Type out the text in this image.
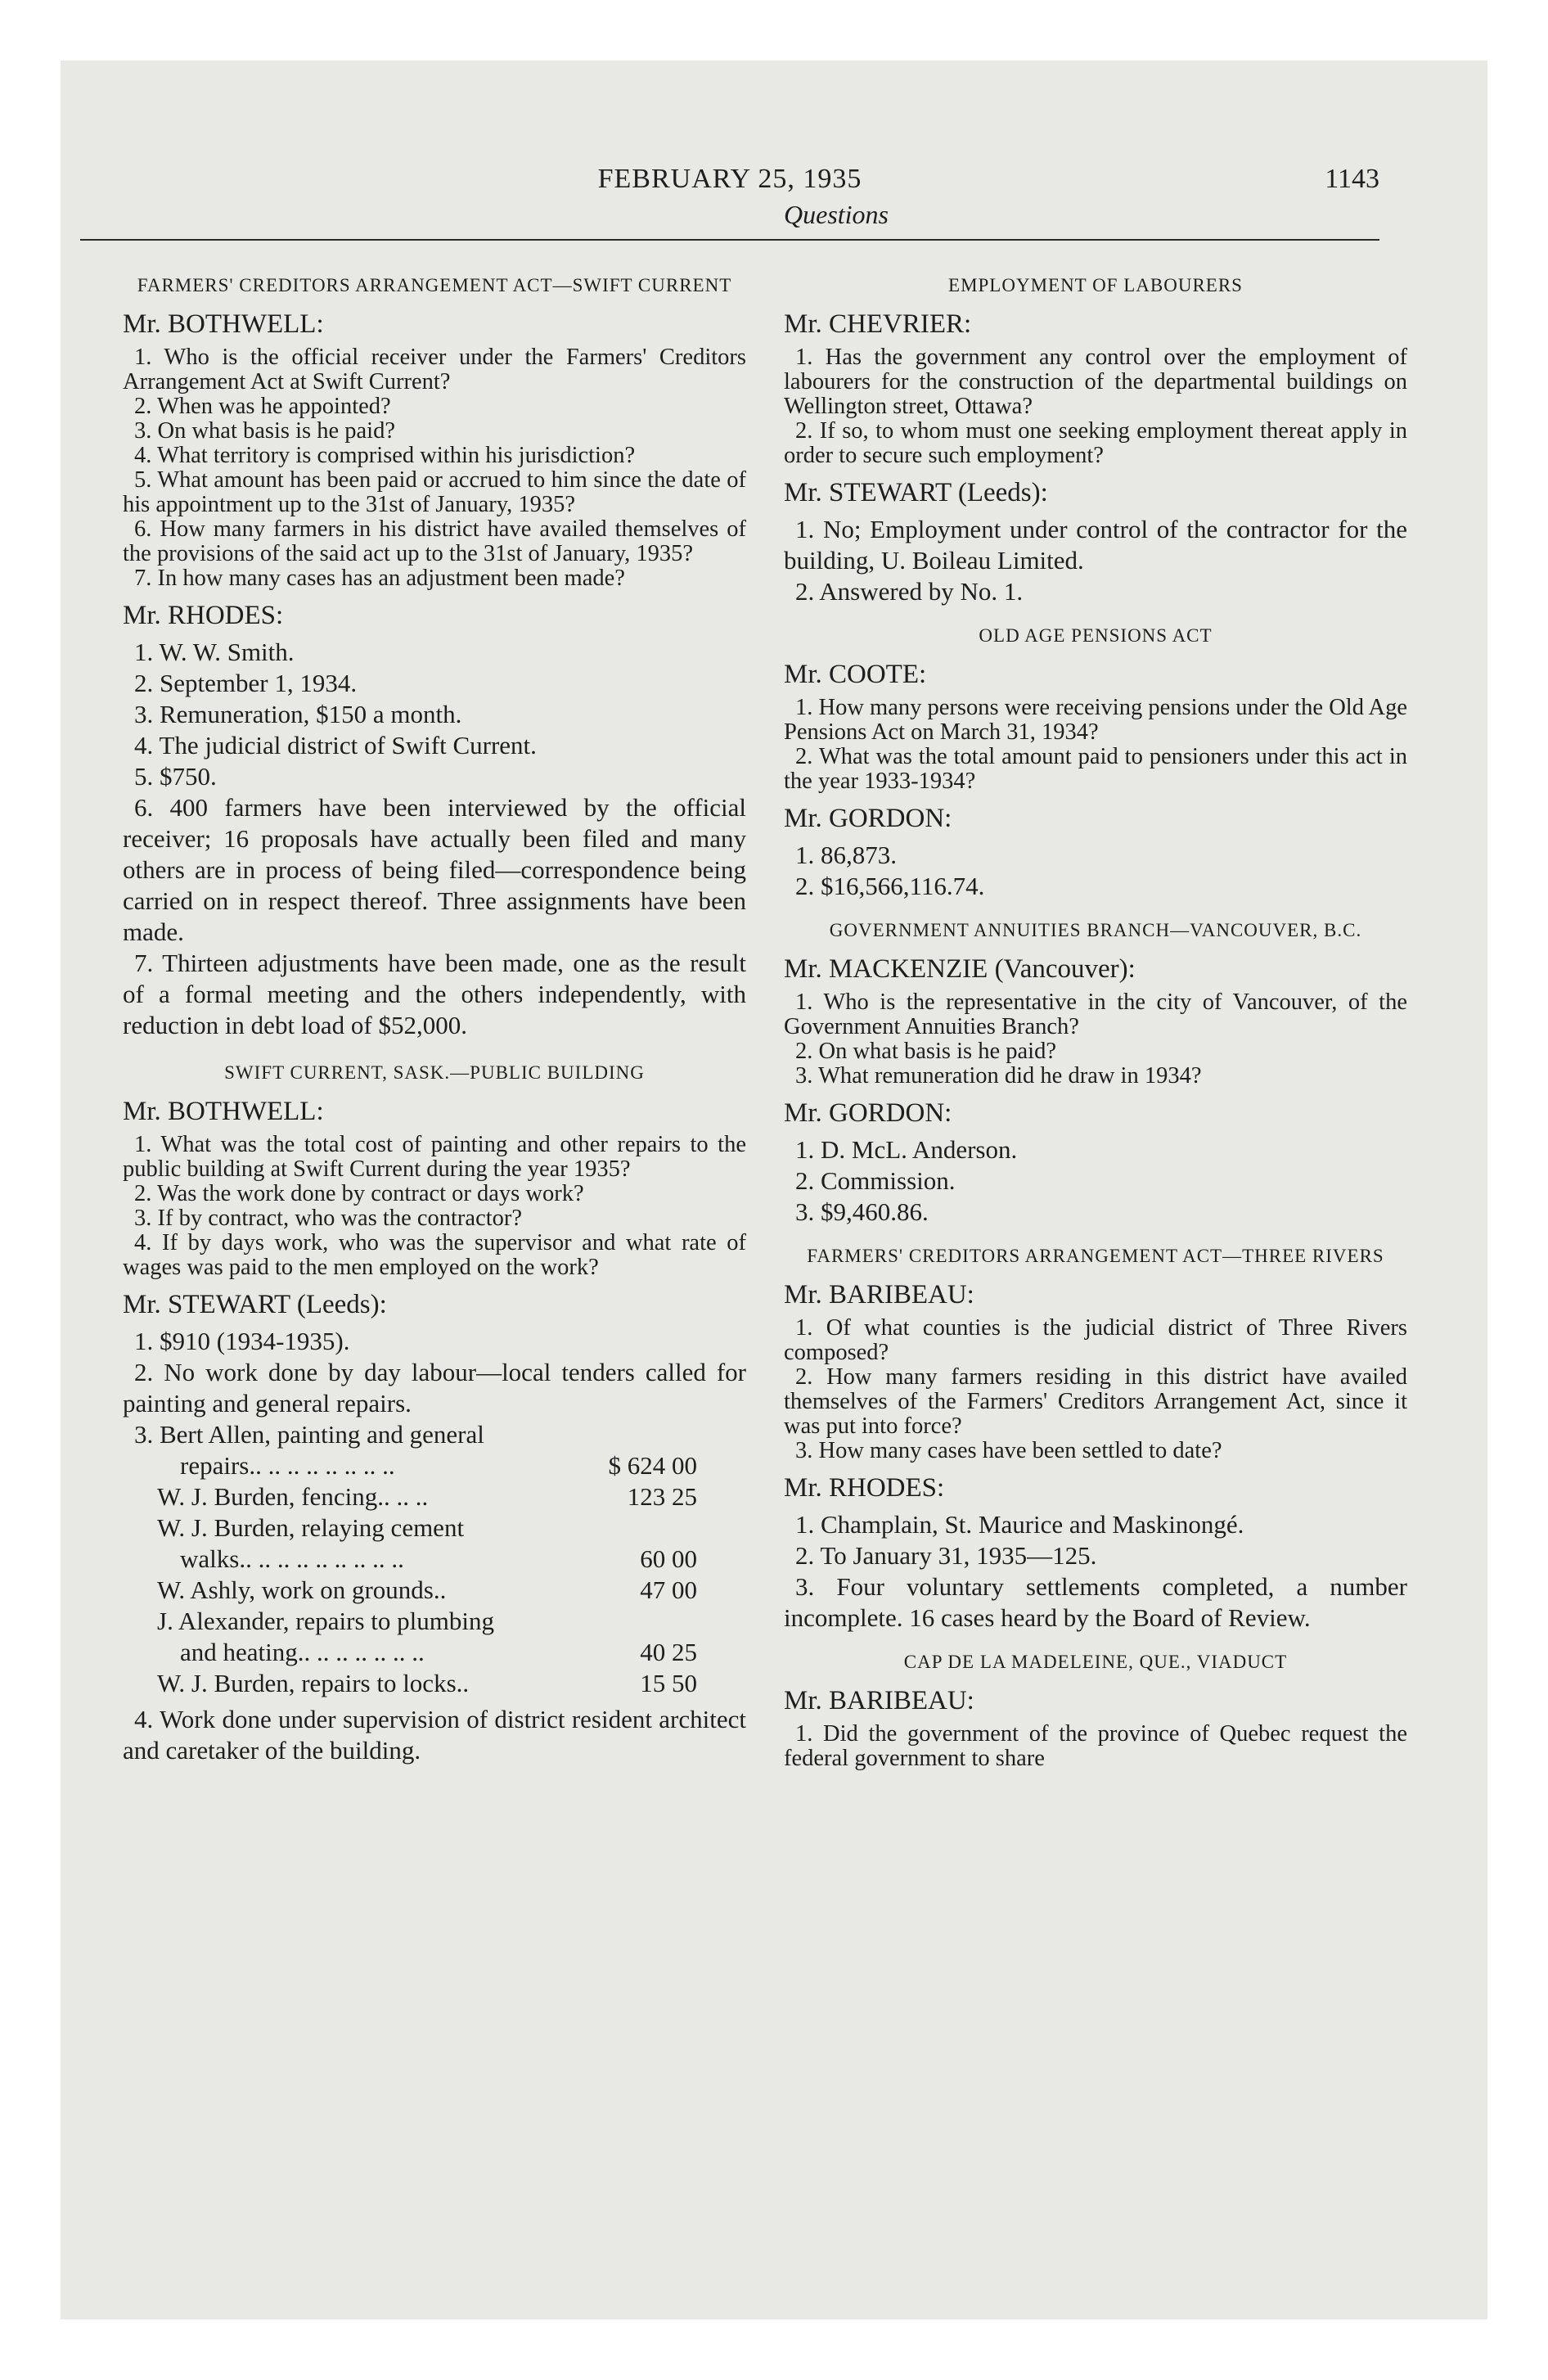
FEBRUARY 25, 1935	1143
Questions
FARMERS' CREDITORS ARRANGEMENT ACT—SWIFT CURRENT
Mr. BOTHWELL:

1. Who is the official receiver under the Farmers' Creditors Arrangement Act at Swift Current?

2. When was he appointed?

3. On what basis is he paid?

4. What territory is comprised within his jurisdiction?

5. What amount has been paid or accrued to him since the date of his appointment up to the 31st of January, 1935?

6. How many farmers in his district have availed themselves of the provisions of the said act up to the 31st of January, 1935?

7. In how many cases has an adjustment been made?

Mr. RHODES:

1. W. W. Smith.

2. September 1, 1934.

3. Remuneration, $150 a month.

4. The judicial district of Swift Current.

5. $750.

6. 400 farmers have been interviewed by the official receiver; 16 proposals have actually been filed and many others are in process of being filed—correspondence being carried on in respect thereof. Three assignments have been made.

7. Thirteen adjustments have been made, one as the result of a formal meeting and the others independently, with reduction in debt load of $52,000.

SWIFT CURRENT, SASK.—PUBLIC BUILDING
Mr. BOTHWELL:

1. What was the total cost of painting and other repairs to the public building at Swift Current during the year 1935?

2. Was the work done by contract or days work?

3. If by contract, who was the contractor?

4. If by days work, who was the supervisor and what rate of wages was paid to the men employed on the work?

Mr. STEWART (Leeds):

1. $910 (1934-1935).

2. No work done by day labour—local tenders called for painting and general repairs.

3. Bert Allen, painting and general
repairs.. .. .. .. .. .. .. ..	$ 624 00
W. J. Burden, fencing.. .. ..	123 25
W. J. Burden, relaying cement
walks.. .. .. .. .. .. .. .. ..	60 00
W. Ashly, work on grounds..	47 00
J. Alexander, repairs to plumbing
and heating.. .. .. .. .. .. ..	40 25
W. J. Burden, repairs to locks..	15 50

4. Work done under supervision of district resident architect and caretaker of the building.

EMPLOYMENT OF LABOURERS
Mr. CHEVRIER:

1. Has the government any control over the employment of labourers for the construction of the departmental buildings on Wellington street, Ottawa?

2. If so, to whom must one seeking employment thereat apply in order to secure such employment?

Mr. STEWART (Leeds):

1. No; Employment under control of the contractor for the building, U. Boileau Limited.

2. Answered by No. 1.

OLD AGE PENSIONS ACT
Mr. COOTE:

1. How many persons were receiving pensions under the Old Age Pensions Act on March 31, 1934?

2. What was the total amount paid to pensioners under this act in the year 1933-1934?

Mr. GORDON:

1. 86,873.

2. $16,566,116.74.

GOVERNMENT ANNUITIES BRANCH—VANCOUVER, B.C.
Mr. MACKENZIE (Vancouver):

1. Who is the representative in the city of Vancouver, of the Government Annuities Branch?

2. On what basis is he paid?

3. What remuneration did he draw in 1934?

Mr. GORDON:

1. D. McL. Anderson.

2. Commission.

3. $9,460.86.

FARMERS' CREDITORS ARRANGEMENT ACT—THREE RIVERS
Mr. BARIBEAU:

1. Of what counties is the judicial district of Three Rivers composed?

2. How many farmers residing in this district have availed themselves of the Farmers' Creditors Arrangement Act, since it was put into force?

3. How many cases have been settled to date?

Mr. RHODES:

1. Champlain, St. Maurice and Maskinongé.

2. To January 31, 1935—125.

3. Four voluntary settlements completed, a number incomplete. 16 cases heard by the Board of Review.

CAP DE LA MADELEINE, QUE., VIADUCT
Mr. BARIBEAU:

1. Did the government of the province of Quebec request the federal government to share
